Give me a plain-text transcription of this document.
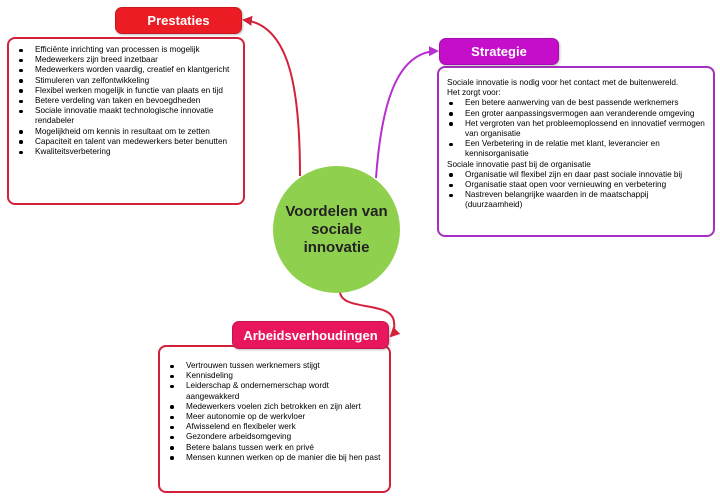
Efficiënte inrichting van processen is mogelijk
Medewerkers zijn breed inzetbaar
Medewerkers worden vaardig, creatief en klantgericht
Stimuleren van zelfontwikkeling
Flexibel werken mogelijk in functie van plaats en tijd
Betere verdeling van taken en bevoegdheden
Sociale innovatie maakt technologische innovatie rendabeler
Mogelijkheid om kennis in resultaat om te zetten
Capaciteit en talent van medewerkers beter benutten
Kwaliteitsverbetering
Prestaties
Sociale innovatie is nodig voor het contact met de buitenwereld.
Het zorgt voor:
Een betere aanwerving van de best passende werknemers
Een groter aanpassingsvermogen aan veranderende omgeving
Het vergroten van het probleemoplossend en innovatief vermogen van organisatie
Een Verbetering in de relatie met klant, leverancier en kennisorganisatie
Sociale innovatie past bij de organisatie
Organisatie wil flexibel zijn en daar past sociale innovatie bij
Organisatie staat open voor vernieuwing en verbetering
Nastreven belangrijke waarden in de maatschappij (duurzaamheid)
Strategie
Vertrouwen tussen werknemers stijgt
Kennisdeling
Leiderschap & ondernemerschap wordt aangewakkerd
Medewerkers voelen zich betrokken en zijn alert
Meer autonomie op de werkvloer
Afwisselend en flexibeler werk
Gezondere arbeidsomgeving
Betere balans tussen werk en privé
Mensen kunnen werken op de manier die bij hen past
Arbeidsverhoudingen
Voordelen van sociale innovatie
